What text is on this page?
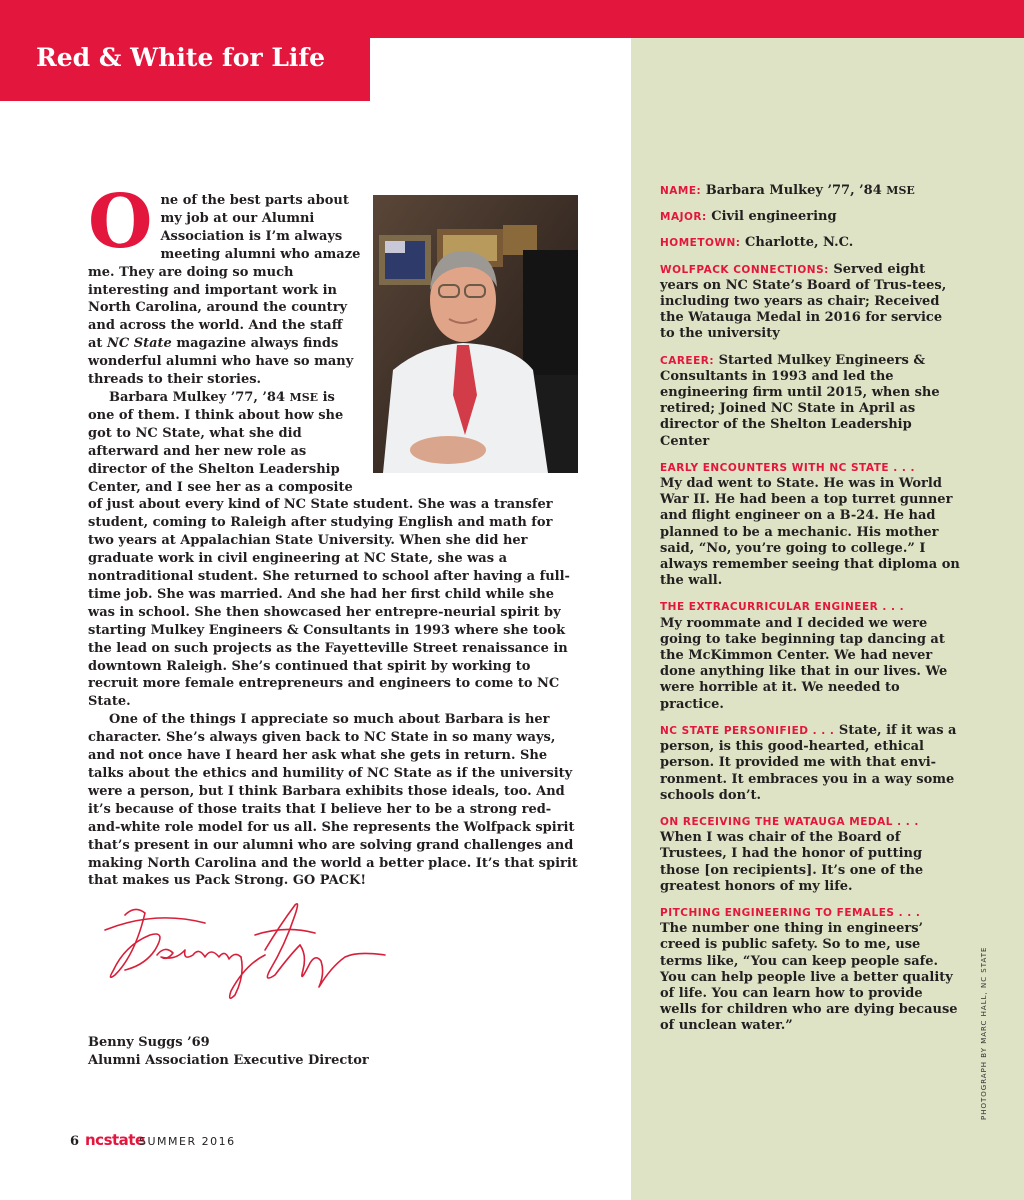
Red & White for Life

O ne of the best parts about my job at our Alumni Association is I’m always meeting alumni who amaze me. They are doing so much interesting and important work in North Carolina, around the country and across the world. And the staff at NC State magazine always finds wonderful alumni who have so many threads to their stories.

Barbara Mulkey ’77, ’84 MSE is one of them. I think about how she got to NC State, what she did afterward and her new role as director of the Shelton Leadership Center, and I see her as a composite of just about every kind of NC State student. She was a transfer student, coming to Raleigh after studying English and math for two years at Appalachian State University. When she did her graduate work in civil engineering at NC State, she was a nontraditional student. She returned to school after having a full-time job. She was married. And she had her first child while she was in school. She then showcased her entrepre-neurial spirit by starting Mulkey Engineers & Consultants in 1993 where she took the lead on such projects as the Fayetteville Street renaissance in downtown Raleigh. She’s continued that spirit by working to recruit more female entrepreneurs and engineers to come to NC State.

One of the things I appreciate so much about Barbara is her character. She’s always given back to NC State in so many ways, and not once have I heard her ask what she gets in return. She talks about the ethics and humility of NC State as if the university were a person, but I think Barbara exhibits those ideals, too. And it’s because of those traits that I believe her to be a strong red-and-white role model for us all. She represents the Wolfpack spirit that’s present in our alumni who are solving grand challenges and making North Carolina and the world a better place. It’s that spirit that makes us Pack Strong. GO PACK!

Benny Suggs ’69
Alumni Association Executive Director
6 ncstate
SUMMER 2016
NAME: Barbara Mulkey ’77, ’84 MSE
MAJOR: Civil engineering
HOMETOWN: Charlotte, N.C.
WOLFPACK CONNECTIONS: Served eight years on NC State’s Board of Trus-tees, including two years as chair; Received the Watauga Medal in 2016 for service to the university
CAREER: Started Mulkey Engineers & Consultants in 1993 and led the engineering firm until 2015, when she retired; Joined NC State in April as director of the Shelton Leadership Center
EARLY ENCOUNTERS WITH NC STATE . . .
My dad went to State. He was in World War II. He had been a top turret gunner and flight engineer on a B-24. He had planned to be a mechanic. His mother said, “No, you’re going to college.” I always remember seeing that diploma on the wall.
THE EXTRACURRICULAR ENGINEER . . .
My roommate and I decided we were going to take beginning tap dancing at the McKimmon Center. We had never done anything like that in our lives. We were horrible at it. We needed to practice.
NC STATE PERSONIFIED . . . State, if it was a person, is this good-hearted, ethical person. It provided me with that envi-ronment. It embraces you in a way some schools don’t.
ON RECEIVING THE WATAUGA MEDAL . . .
When I was chair of the Board of Trustees, I had the honor of putting those [on recipients]. It’s one of the greatest honors of my life.
PITCHING ENGINEERING TO FEMALES . . .
The number one thing in engineers’ creed is public safety. So to me, use terms like, “You can keep people safe. You can help people live a better quality of life. You can learn how to provide wells for children who are dying because of unclean water.”	PHOTOGRAPH BY MARC HALL, NC STATE
